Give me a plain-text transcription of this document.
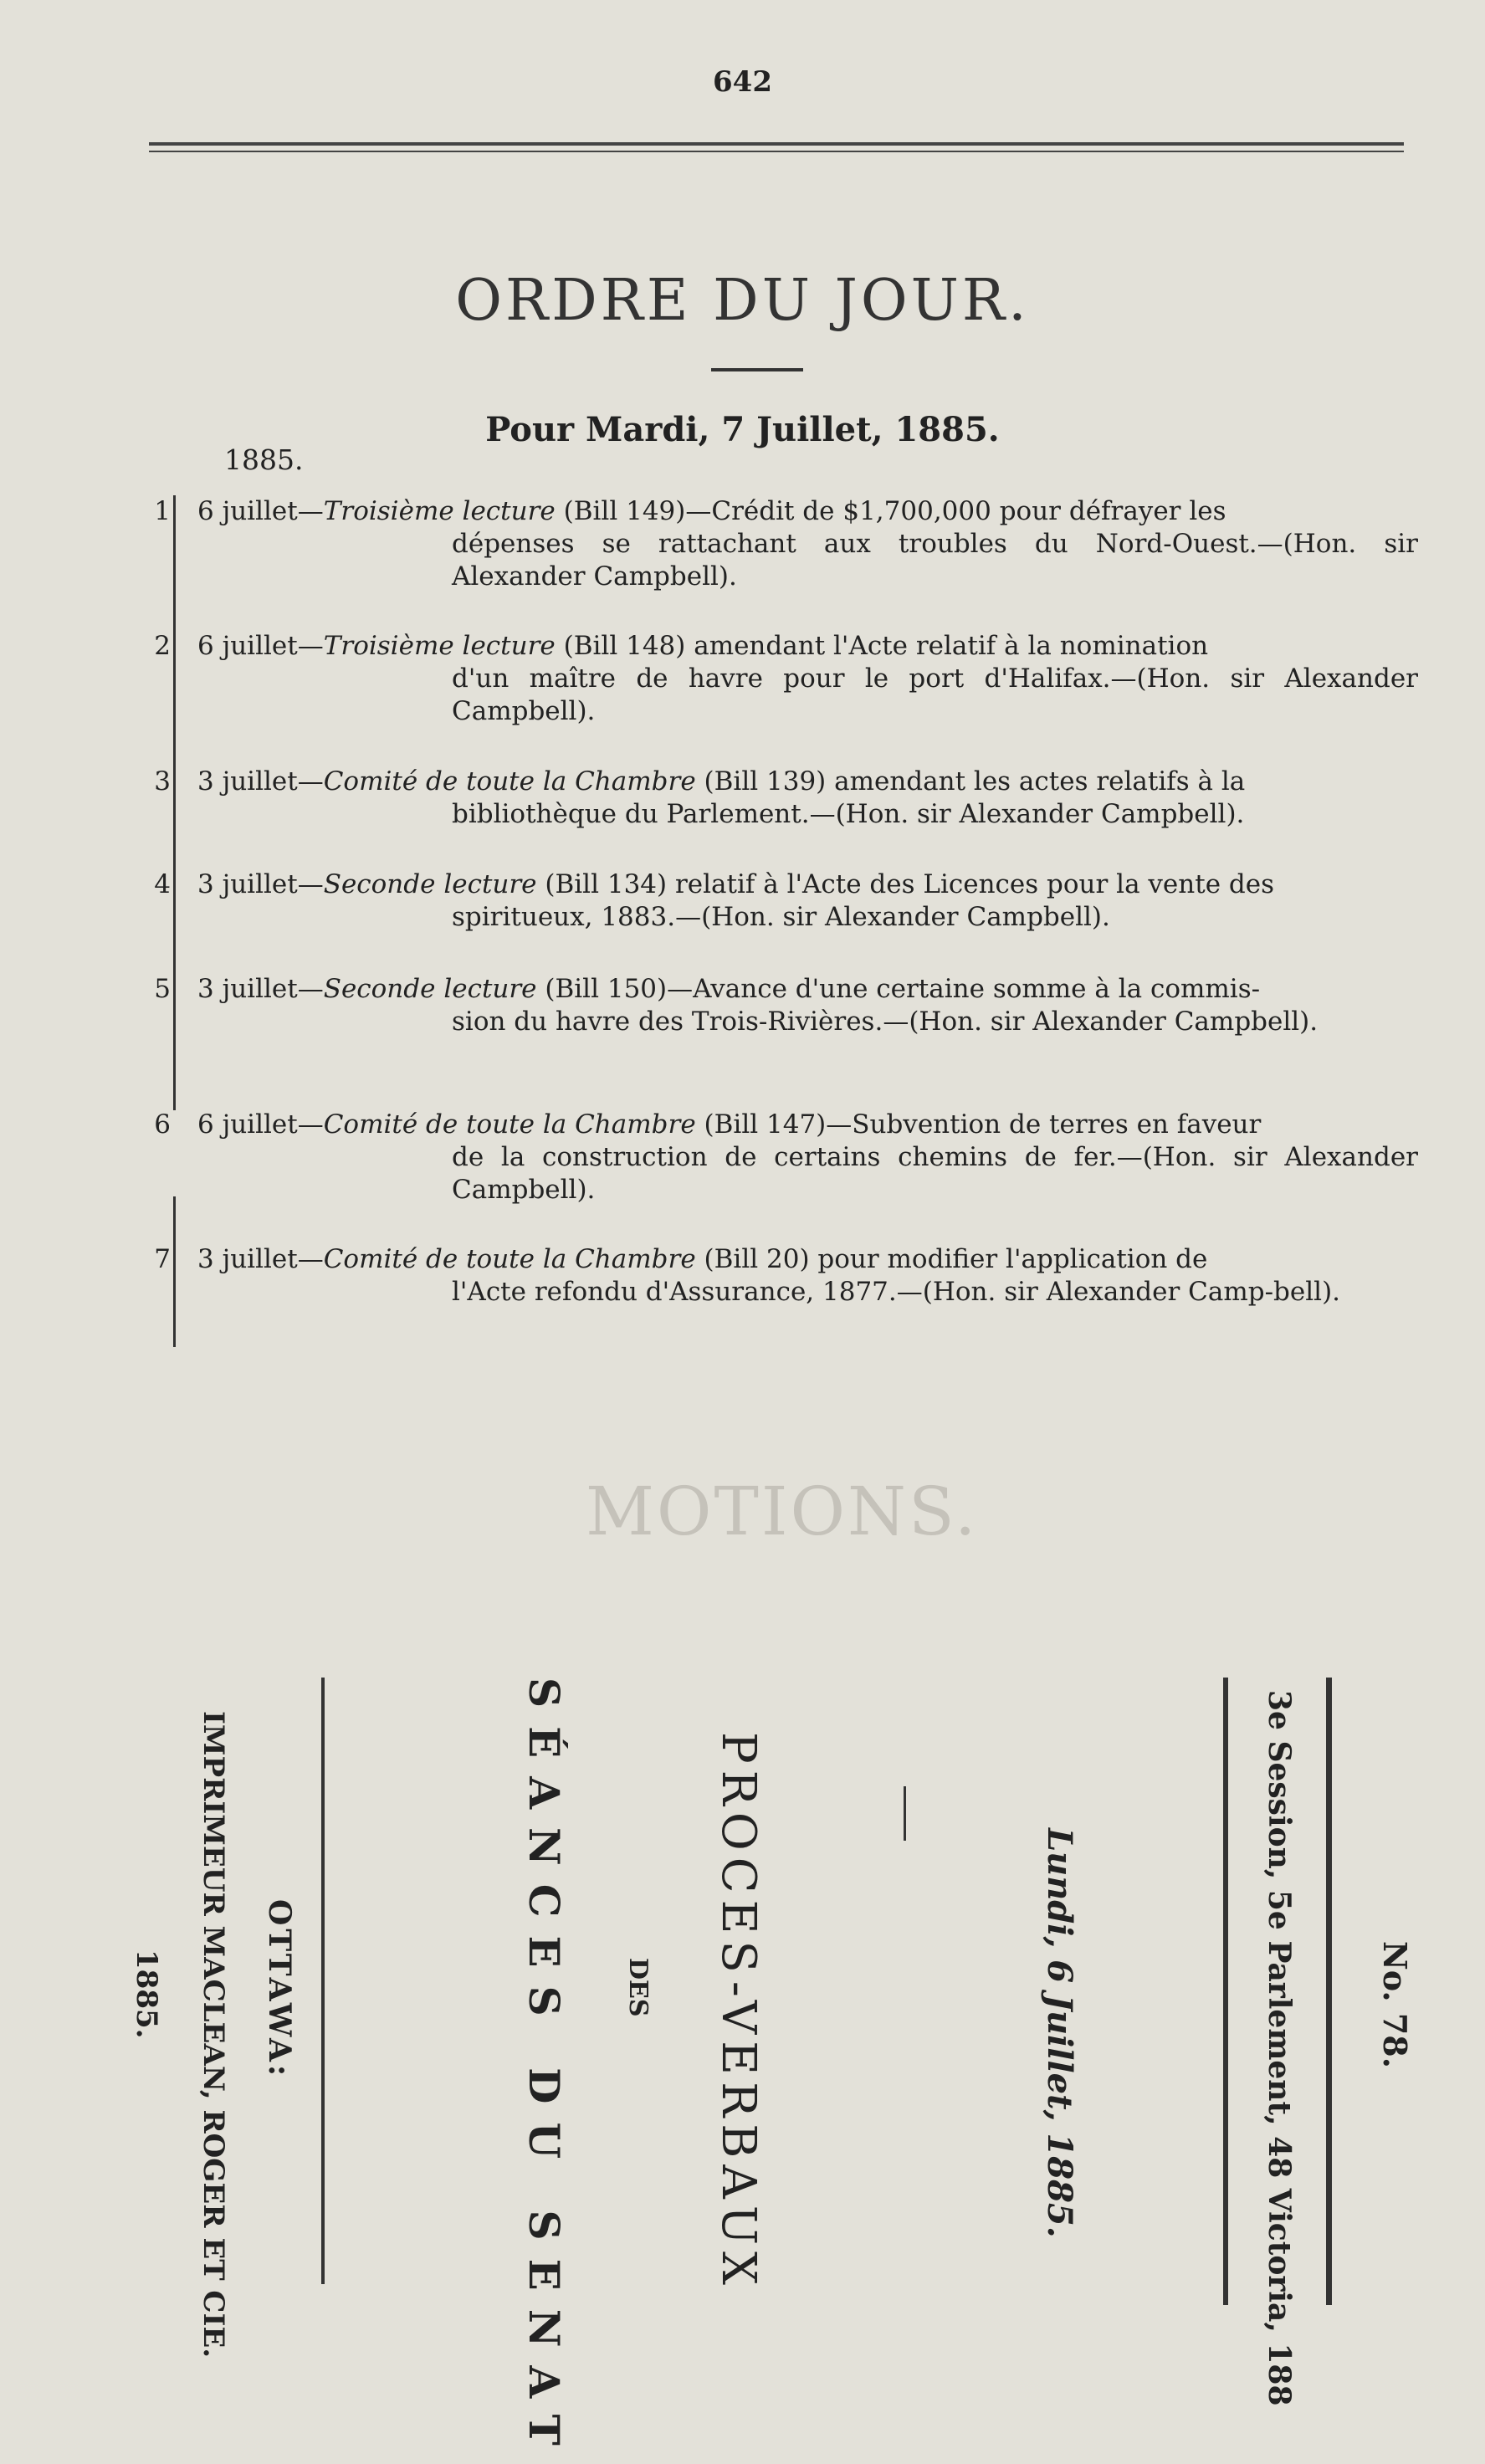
642
MOTIONS.
ORDRE DU JOUR.
Pour Mardi, 7 Juillet, 1885.
1885.
1 6 juillet—Troisième lecture (Bill 149)—Crédit de $1,700,000 pour défrayer les
dépenses se rattachant aux troubles du Nord-Ouest.—(Hon. sir Alexander Campbell).
2 6 juillet—Troisième lecture (Bill 148) amendant l'Acte relatif à la nomination
d'un maître de havre pour le port d'Halifax.—(Hon. sir Alexander Campbell).
3 3 juillet—Comité de toute la Chambre (Bill 139) amendant les actes relatifs à la
bibliothèque du Parlement.—(Hon. sir Alexander Campbell).
4 3 juillet—Seconde lecture (Bill 134) relatif à l'Acte des Licences pour la vente des
spiritueux, 1883.—(Hon. sir Alexander Campbell).
5 3 juillet—Seconde lecture (Bill 150)—Avance d'une certaine somme à la commis-
sion du havre des Trois-Rivières.—(Hon. sir Alexander Campbell).
6 6 juillet—Comité de toute la Chambre (Bill 147)—Subvention de terres en faveur
de la construction de certains chemins de fer.—(Hon. sir Alexander Campbell).
7 3 juillet—Comité de toute la Chambre (Bill 20) pour modifier l'application de
l'Acte refondu d'Assurance, 1877.—(Hon. sir Alexander Camp-bell).
No. 78.
3e Session, 5e Parlement, 48 Victoria, 188
Lundi, 6 Juillet, 1885.
PROCES-VERBAUX
DES
SÉANCES DU SENAT
OTTAWA:
IMPRIMEUR MACLEAN, ROGER ET CIE.
1885.
